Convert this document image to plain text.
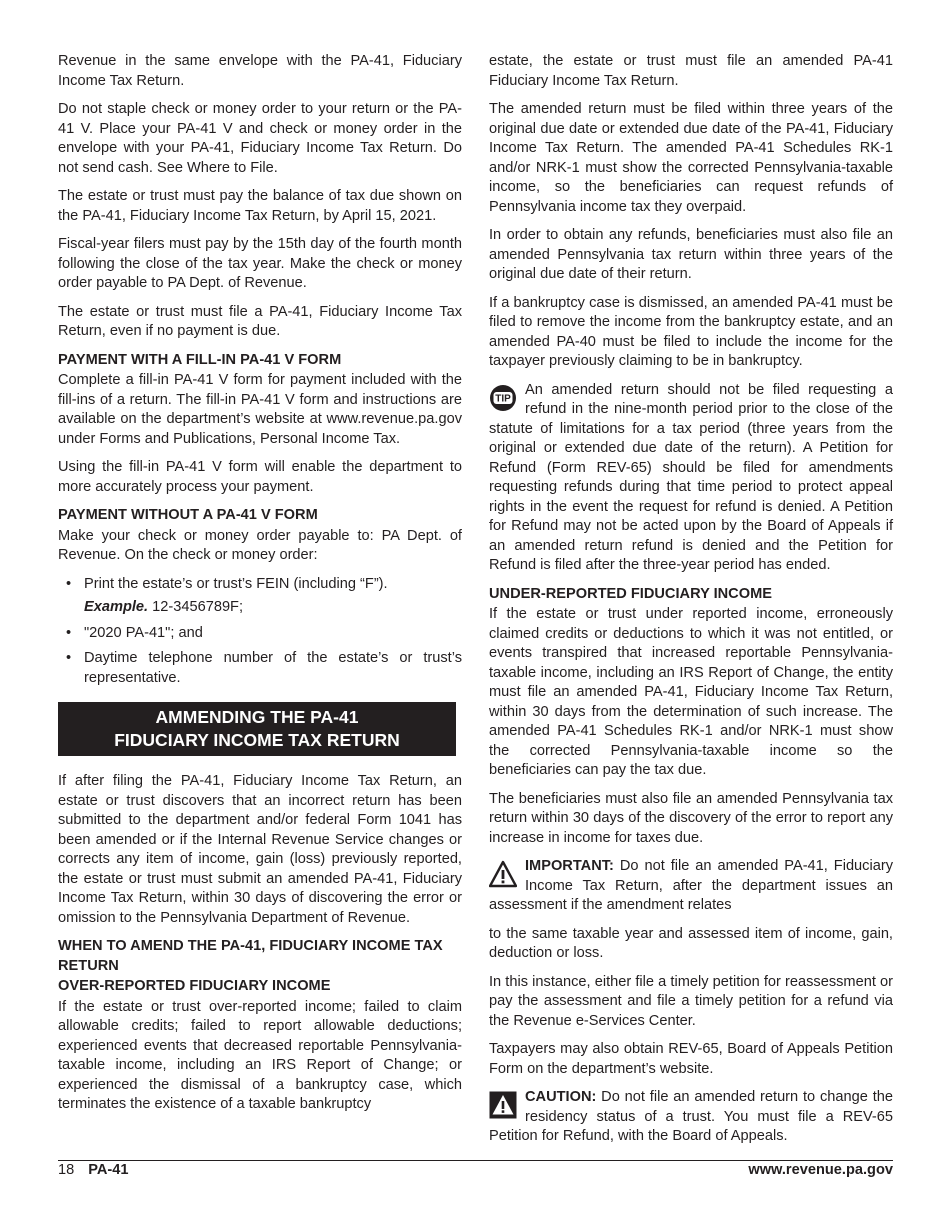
Revenue in the same envelope with the PA-41, Fiduciary Income Tax Return.

Do not staple check or money order to your return or the PA-41 V. Place your PA-41 V and check or money order in the envelope with your PA-41, Fiduciary Income Tax Return. Do not send cash. See Where to File.

The estate or trust must pay the balance of tax due shown on the PA-41, Fiduciary Income Tax Return, by April 15, 2021.

Fiscal-year filers must pay by the 15th day of the fourth month following the close of the tax year. Make the check or money order payable to PA Dept. of Revenue.

The estate or trust must file a PA-41, Fiduciary Income Tax Return, even if no payment is due.

PAYMENT WITH A FILL-IN PA-41 V FORM

Complete a fill-in PA-41 V form for payment included with the fill-ins of a return. The fill-in PA-41 V form and instructions are available on the department’s website at www.revenue.pa.gov under Forms and Publications, Personal Income Tax.

Using the fill-in PA-41 V form will enable the department to more accurately process your payment.

PAYMENT WITHOUT A PA-41 V FORM

Make your check or money order payable to: PA Dept. of Revenue. On the check or money order:

• Print the estate’s or trust’s FEIN (including “F”).
Example. 12-3456789F;
• "2020 PA-41"; and
• Daytime telephone number of the estate’s or trust’s representative.
AMMENDING THE PA-41
FIDUCIARY INCOME TAX RETURN

If after filing the PA-41, Fiduciary Income Tax Return, an estate or trust discovers that an incorrect return has been submitted to the department and/or federal Form 1041 has been amended or if the Internal Revenue Service changes or corrects any item of income, gain (loss) previously reported, the estate or trust must submit an amended PA-41, Fiduciary Income Tax Return, within 30 days of discovering the error or omission to the Pennsylvania Department of Revenue.

WHEN TO AMEND THE PA-41, FIDUCIARY INCOME TAX RETURN
OVER-REPORTED FIDUCIARY INCOME

If the estate or trust over-reported income; failed to claim allowable credits; failed to report allowable deductions; experienced events that decreased reportable Pennsylvania-taxable income, including an IRS Report of Change; or experienced the dismissal of a bankruptcy case, which terminates the existence of a taxable bankruptcy

estate, the estate or trust must file an amended PA-41 Fiduciary Income Tax Return.

The amended return must be filed within three years of the original due date or extended due date of the PA-41, Fiduciary Income Tax Return. The amended PA-41 Schedules RK-1 and/or NRK-1 must show the corrected Pennsylvania-taxable income, so the beneficiaries can request refunds of Pennsylvania income tax they overpaid.

In order to obtain any refunds, beneficiaries must also file an amended Pennsylvania tax return within three years of the original due date of their return.

If a bankruptcy case is dismissed, an amended PA-41 must be filed to remove the income from the bankruptcy estate, and an amended PA-40 must be filed to include the income for the taxpayer previously claiming to be in bankruptcy.

TIP
An amended return should not be filed requesting a refund in the nine-month period prior to the close of the statute of limitations for a tax period (three years from the original or extended due date of the return). A Petition for Refund (Form REV-65) should be filed for amendments requesting refunds during that time period to protect appeal rights in the event the request for refund is denied. A Petition for Refund may not be acted upon by the Board of Appeals if an amended return refund is denied and the Petition for Refund is filed after the three-year period has ended.
UNDER-REPORTED FIDUCIARY INCOME

If the estate or trust under reported income, erroneously claimed credits or deductions to which it was not entitled, or events transpired that increased reportable Pennsylvania-taxable income, including an IRS Report of Change, the entity must file an amended PA-41, Fiduciary Income Tax Return, within 30 days from the determination of such increase. The amended PA-41 Schedules RK-1 and/or NRK-1 must show the corrected Pennsylvania-taxable income so the beneficiaries can pay the tax due.

The beneficiaries must also file an amended Pennsylvania tax return within 30 days of the discovery of the error to report any increase in income for taxes due.

IMPORTANT: Do not file an amended PA-41, Fiduciary Income Tax Return, after the department issues an assessment if the amendment relates

to the same taxable year and assessed item of income, gain, deduction or loss.

In this instance, either file a timely petition for reassessment or pay the assessment and file a timely petition for a refund via the Revenue e-Services Center.

Taxpayers may also obtain REV-65, Board of Appeals Petition Form on the department’s website.

CAUTION: Do not file an amended return to change the residency status of a trust. You must file a REV-65 Petition for Refund, with the Board of Appeals.
18 PA-41	www.revenue.pa.gov
